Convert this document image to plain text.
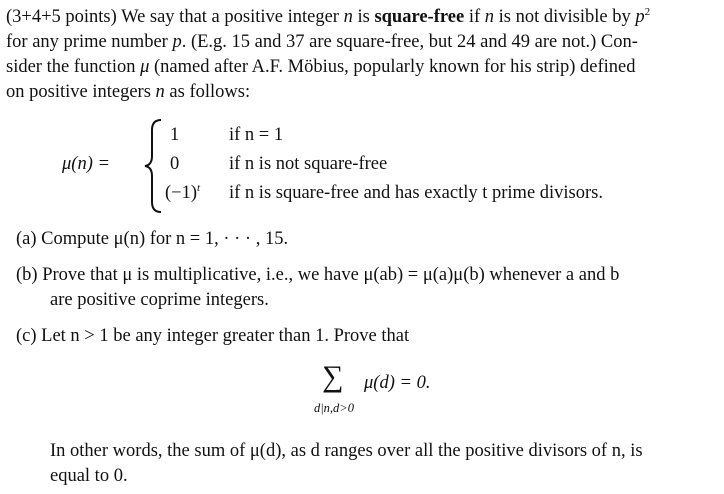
(3+4+5 points) We say that a positive integer n is square-free if n is not divisible by $p^2$
for any prime number p. (E.g. 15 and 37 are square-free, but 24 and 49 are not.) Con-
sider the function μ (named after A.F. Möbius, popularly known for his strip) defined
on positive integers n as follows:
μ(n) =
1	if n = 1
0	if n is not square-free
$(-1)^t$ if n is square-free and has exactly t prime divisors.
(a) Compute μ(n) for n = 1, · · · , 15.
(b) Prove that μ is multiplicative, i.e., we have μ(ab) = μ(a)μ(b) whenever a and b
are positive coprime integers.
(c) Let n > 1 be any integer greater than 1. Prove that
∑ μ(d) = 0.
d|n,d>0
In other words, the sum of μ(d), as d ranges over all the positive divisors of n, is
equal to 0.
